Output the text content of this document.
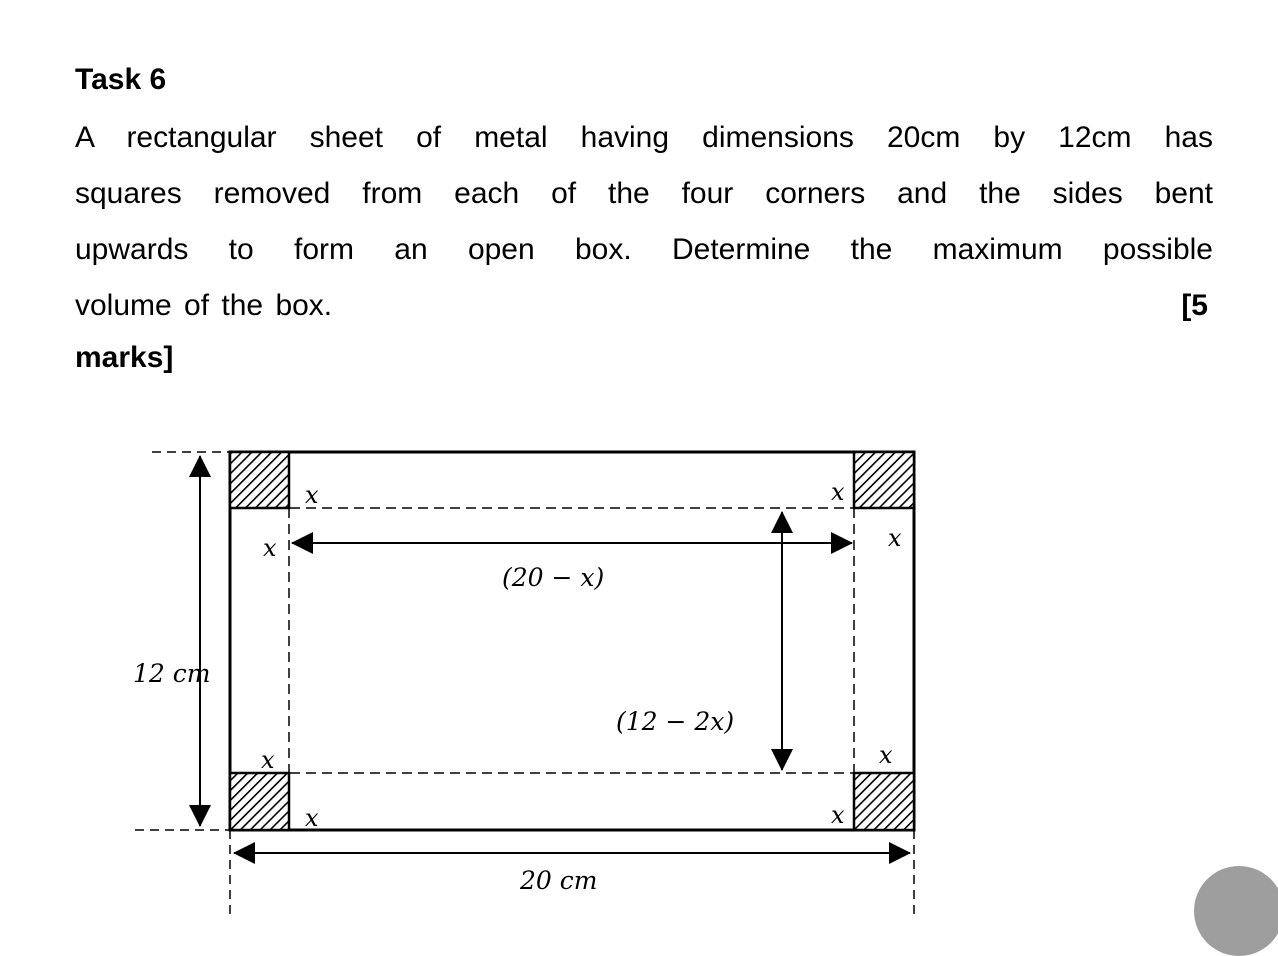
Task 6
A rectangular sheet of metal having dimensions 20cm by 12cm has
squares removed from each of the four corners and the sides bent
upwards to form an open box. Determine the maximum possible
volume of the box.	[5
marks]
x	x
x	x
x	x
x	x
(20 − x)
(12 − 2x)
12 cm
20 cm
